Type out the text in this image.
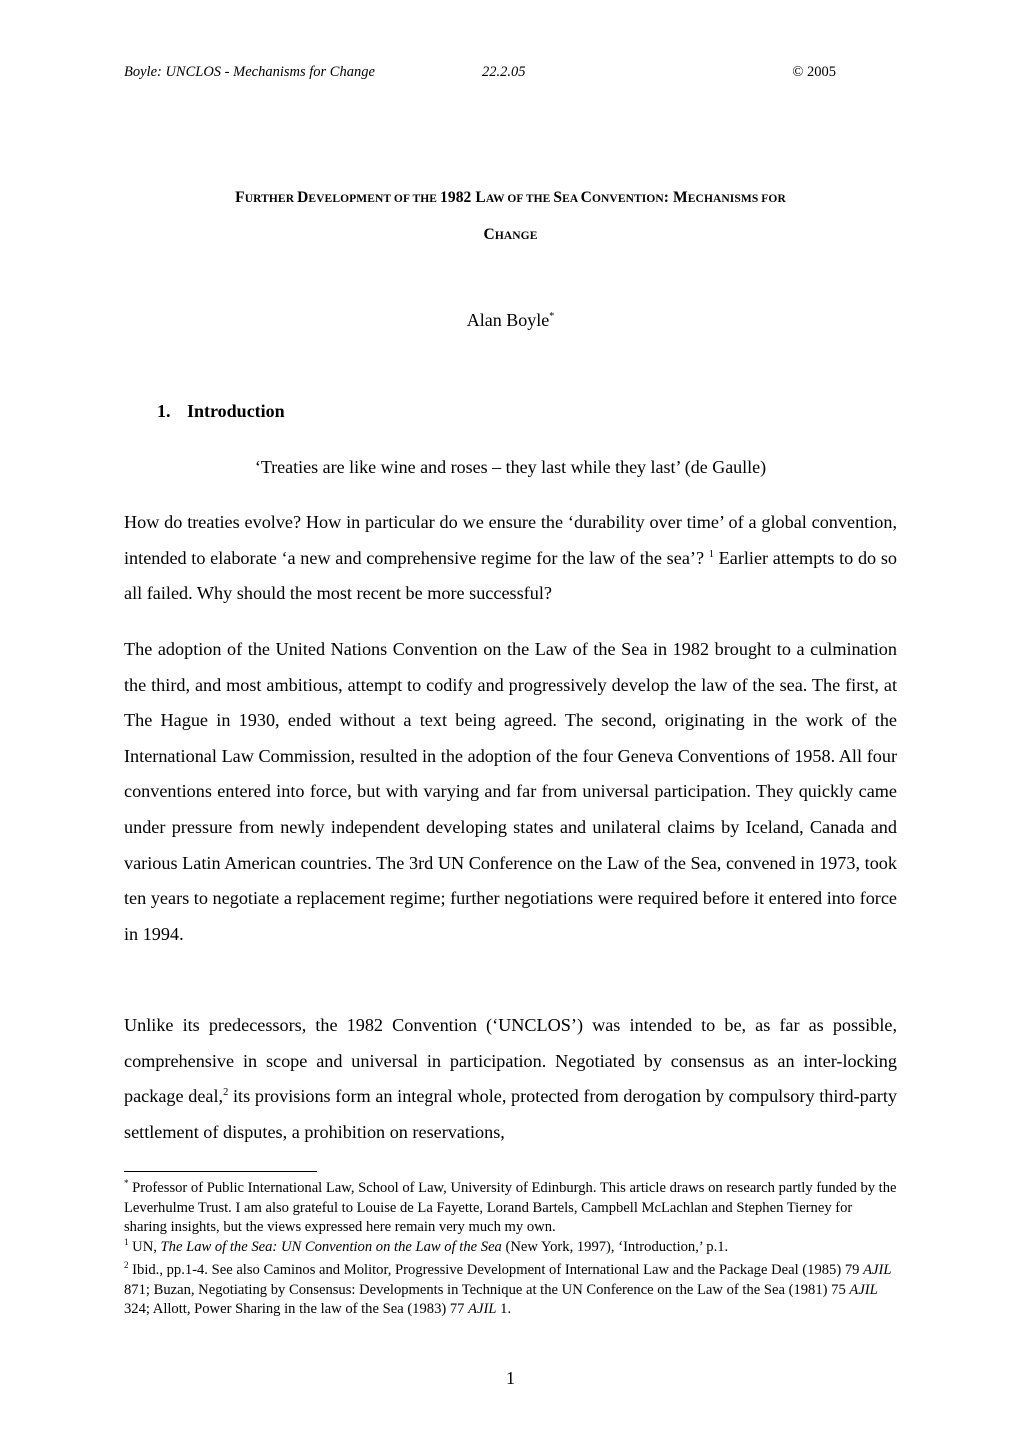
Boyle: UNCLOS - Mechanisms for Change	22.2.05	© 2005
FURTHER DEVELOPMENT OF THE 1982 LAW OF THE SEA CONVENTION: MECHANISMS FOR
CHANGE
Alan Boyle*
1. Introduction
‘Treaties are like wine and roses – they last while they last’ (de Gaulle)

How do treaties evolve? How in particular do we ensure the ‘durability over time’ of a global convention, intended to elaborate ‘a new and comprehensive regime for the law of the sea’? $^1$ Earlier attempts to do so all failed. Why should the most recent be more successful?

The adoption of the United Nations Convention on the Law of the Sea in 1982 brought to a culmination the third, and most ambitious, attempt to codify and progressively develop the law of the sea. The first, at The Hague in 1930, ended without a text being agreed. The second, originating in the work of the International Law Commission, resulted in the adoption of the four Geneva Conventions of 1958. All four conventions entered into force, but with varying and far from universal participation. They quickly came under pressure from newly independent developing states and unilateral claims by Iceland, Canada and various Latin American countries. The 3rd UN Conference on the Law of the Sea, convened in 1973, took ten years to negotiate a replacement regime; further negotiations were required before it entered into force in 1994.

Unlike its predecessors, the 1982 Convention (‘UNCLOS’) was intended to be, as far as possible, comprehensive in scope and universal in participation. Negotiated by consensus as an inter-locking package deal,$^2$ its provisions form an integral whole, protected from derogation by compulsory third-party settlement of disputes, a prohibition on reservations,

* Professor of Public International Law, School of Law, University of Edinburgh. This article draws on research partly funded by the Leverhulme Trust. I am also grateful to Louise de La Fayette, Lorand Bartels, Campbell McLachlan and Stephen Tierney for sharing insights, but the views expressed here remain very much my own.

$^1$ UN, The Law of the Sea: UN Convention on the Law of the Sea (New York, 1997), ‘Introduction,’ p.1.

$^2$ Ibid., pp.1-4. See also Caminos and Molitor, Progressive Development of International Law and the Package Deal (1985) 79 AJIL 871; Buzan, Negotiating by Consensus: Developments in Technique at the UN Conference on the Law of the Sea (1981) 75 AJIL 324; Allott, Power Sharing in the law of the Sea (1983) 77 AJIL 1.

1
